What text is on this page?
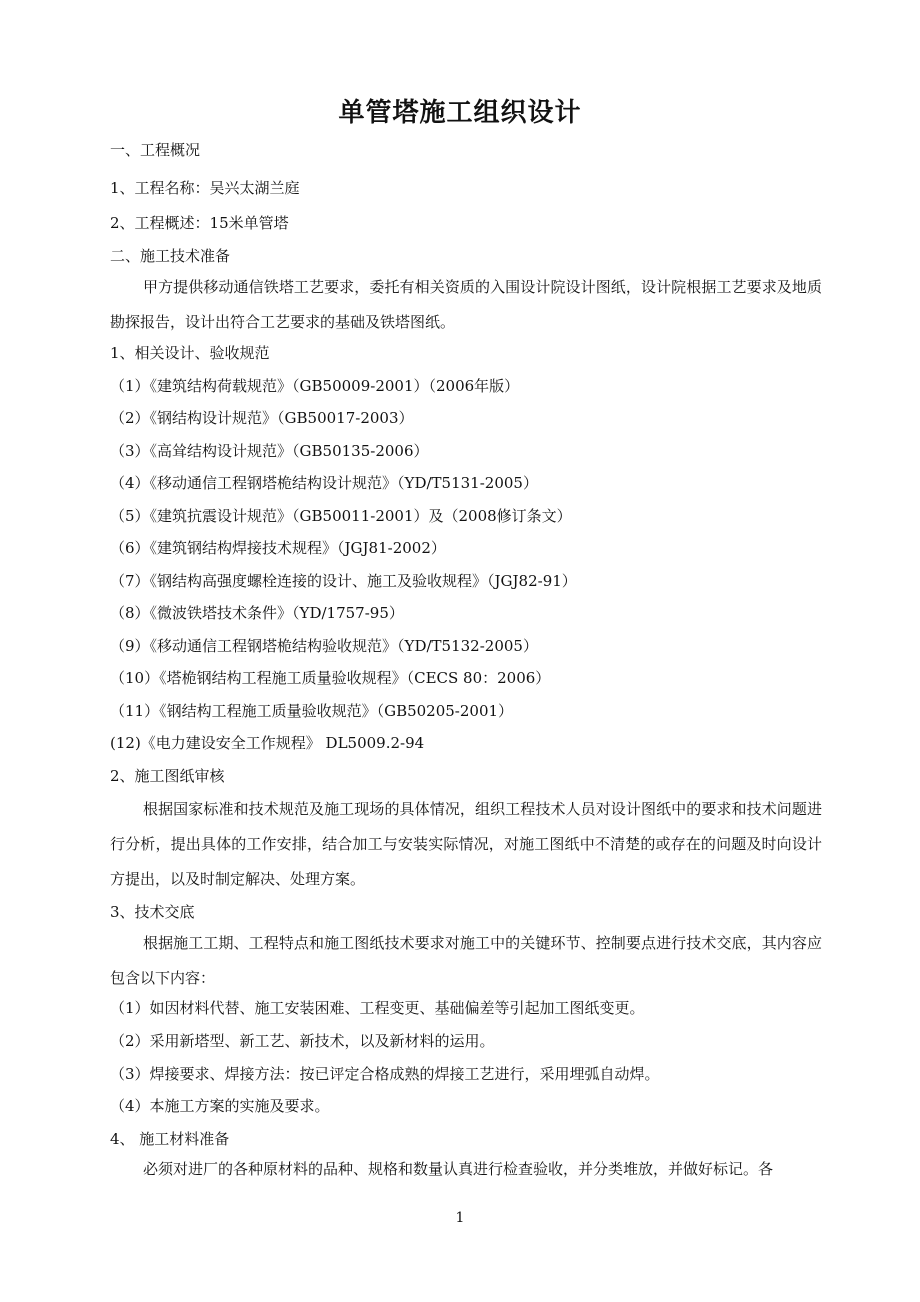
单管塔施工组织设计
一、工程概况
1、工程名称：吴兴太湖兰庭
2、工程概述：15米单管塔
二、施工技术准备
甲方提供移动通信铁塔工艺要求，委托有相关资质的入围设计院设计图纸，设计院根据工艺要求及地质勘探报告，设计出符合工艺要求的基础及铁塔图纸。
1、相关设计、验收规范
（1）《建筑结构荷载规范》（GB50009-2001）（2006年版）
（2）《钢结构设计规范》（GB50017-2003）
（3）《高耸结构设计规范》（GB50135-2006）
（4）《移动通信工程钢塔桅结构设计规范》（YD/T5131-2005）
（5）《建筑抗震设计规范》（GB50011-2001）及（2008修订条文）
（6）《建筑钢结构焊接技术规程》（JGJ81-2002）
（7）《钢结构高强度螺栓连接的设计、施工及验收规程》（JGJ82-91）
（8）《微波铁塔技术条件》（YD/1757-95）
（9）《移动通信工程钢塔桅结构验收规范》（YD/T5132-2005）
（10）《塔桅钢结构工程施工质量验收规程》（CECS 80：2006）
（11）《钢结构工程施工质量验收规范》（GB50205-2001）
(12)《电力建设安全工作规程》 DL5009.2-94
2、施工图纸审核
根据国家标准和技术规范及施工现场的具体情况，组织工程技术人员对设计图纸中的要求和技术问题进行分析，提出具体的工作安排，结合加工与安装实际情况，对施工图纸中不清楚的或存在的问题及时向设计方提出，以及时制定解决、处理方案。
3、技术交底
根据施工工期、工程特点和施工图纸技术要求对施工中的关键环节、控制要点进行技术交底，其内容应包含以下内容：
（1）如因材料代替、施工安装困难、工程变更、基础偏差等引起加工图纸变更。
（2）采用新塔型、新工艺、新技术，以及新材料的运用。
（3）焊接要求、焊接方法：按已评定合格成熟的焊接工艺进行，采用埋弧自动焊。
（4）本施工方案的实施及要求。
4、 施工材料准备
必须对进厂的各种原材料的品种、规格和数量认真进行检查验收，并分类堆放，并做好标记。各
1
